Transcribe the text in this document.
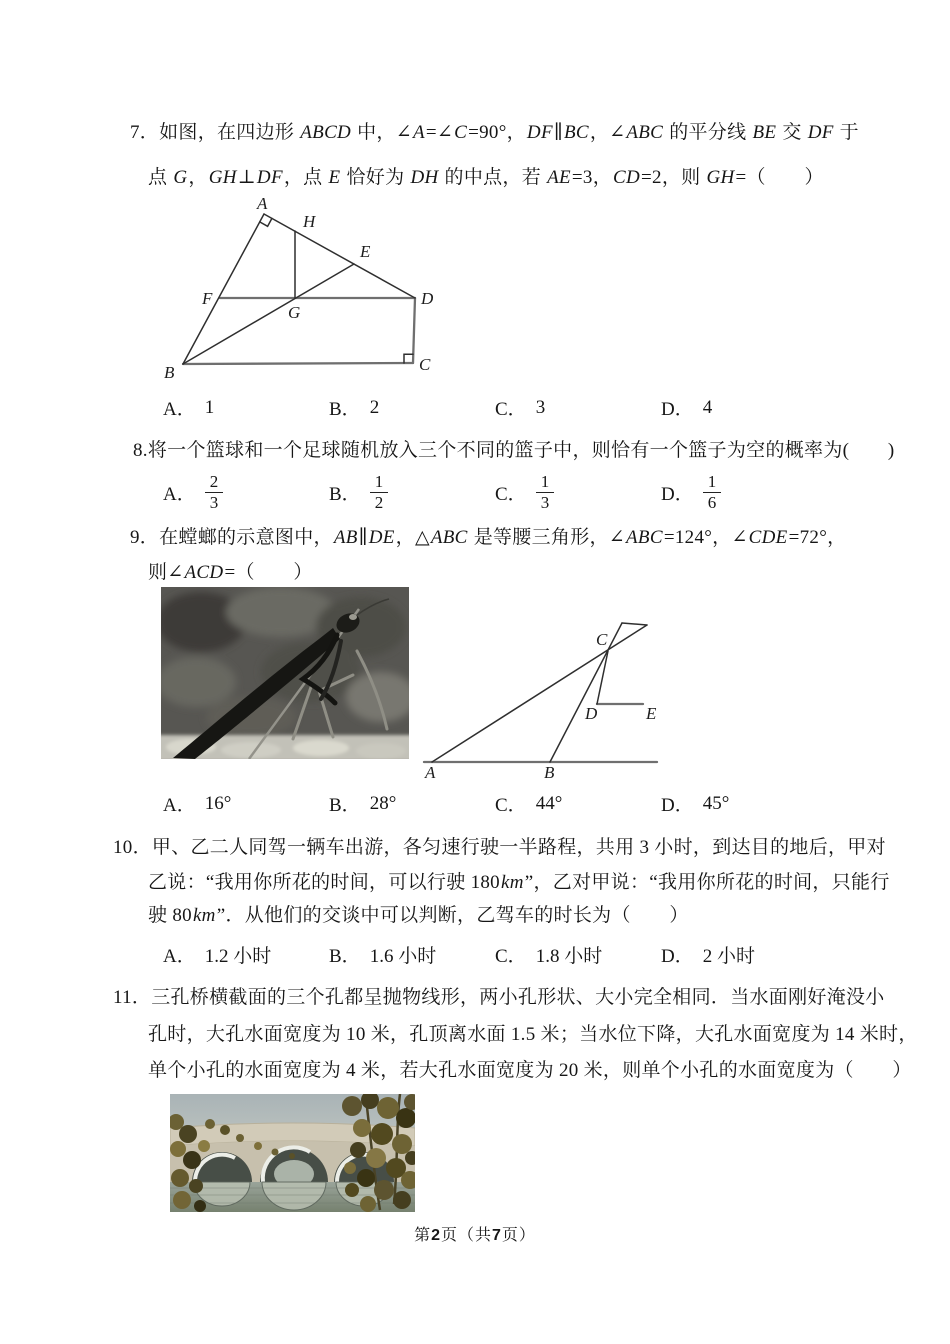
7．如图，在四边形 ABCD 中，∠A=∠C=90°，DF∥BC，∠ABC 的平分线 BE 交 DF 于
点 G，GH⊥DF，点 E 恰好为 DH 的中点，若 AE=3，CD=2，则 GH=（　　）
A
H
E
F
G
D
B	C
A． 1	B． 2	C． 3	D． 4
8.将一个篮球和一个足球随机放入三个不同的篮子中，则恰有一个篮子为空的概率为(　　)
A． $\frac{2}{3}$	B． $\frac{1}{2}$	C． $\frac{1}{3}$	D． $\frac{1}{6}$
9．在螳螂的示意图中，AB∥DE，△ABC 是等腰三角形，∠ABC=124°，∠CDE=72°，
则∠ACD=（　　）
A	B
C
D	E
A． 16°	B． 28°	C． 44°	D． 45°
10．甲、乙二人同驾一辆车出游，各匀速行驶一半路程，共用 3 小时，到达目的地后，甲对
乙说：“我用你所花的时间，可以行驶 180km”，乙对甲说：“我用你所花的时间，只能行
驶 80km”．从他们的交谈中可以判断，乙驾车的时长为（　　）
A． 1.2 小时	B． 1.6 小时	C． 1.8 小时	D． 2 小时
11．三孔桥横截面的三个孔都呈抛物线形，两小孔形状、大小完全相同．当水面刚好淹没小
孔时，大孔水面宽度为 10 米，孔顶离水面 1.5 米；当水位下降，大孔水面宽度为 14 米时，
单个小孔的水面宽度为 4 米，若大孔水面宽度为 20 米，则单个小孔的水面宽度为（　　）
第2页（共7页）
